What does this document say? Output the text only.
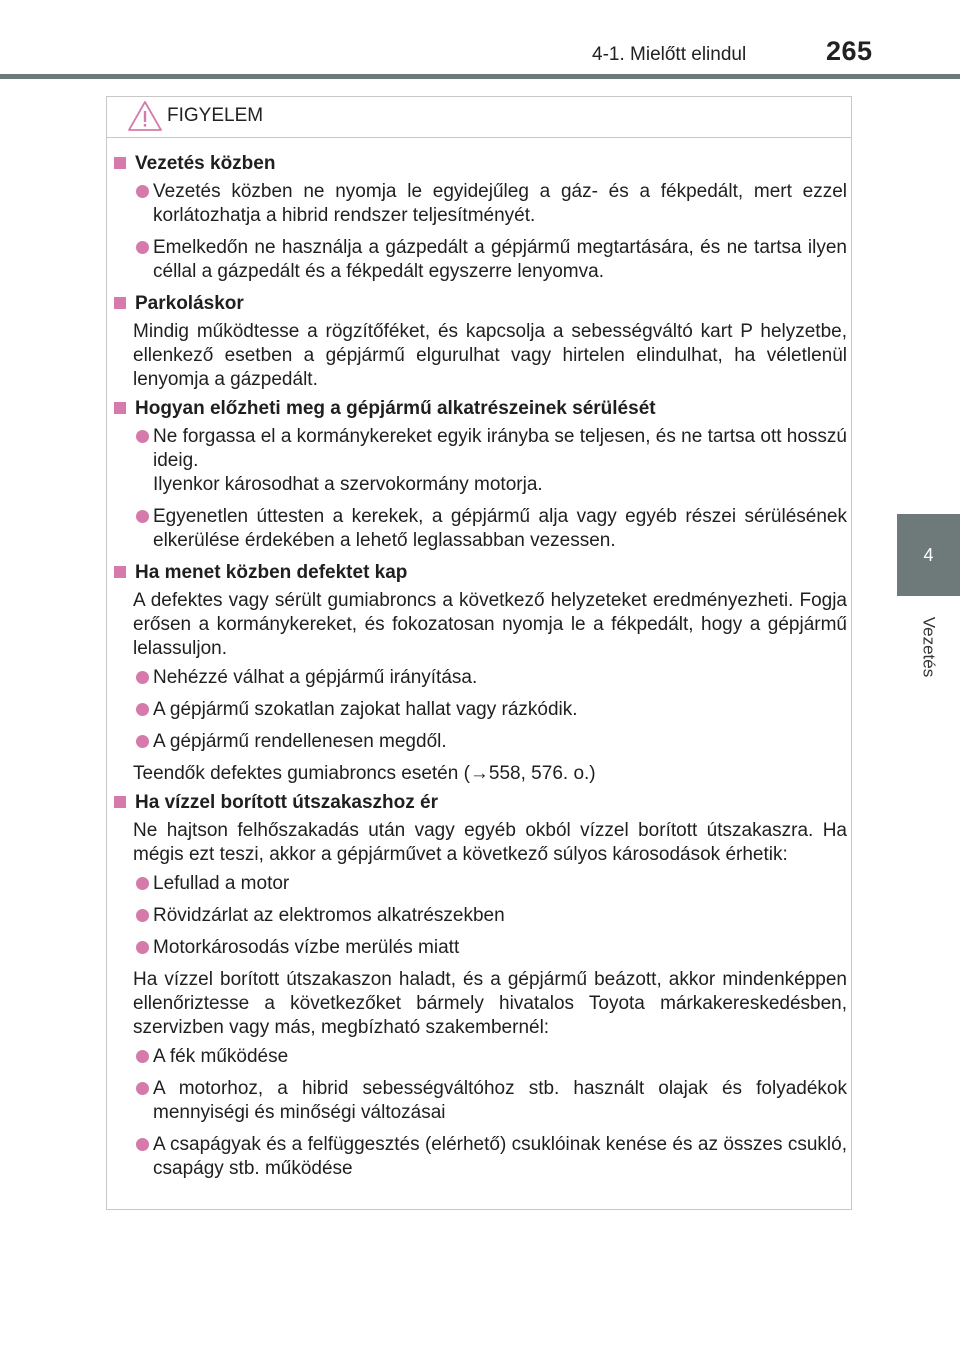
4-1. Mielőtt elindul	265
4
Vezetés
FIGYELEM
Vezetés közben
Vezetés közben ne nyomja le egyidejűleg a gáz- és a fékpedált, mert ezzel korlátozhatja a hibrid rendszer teljesítményét.
Emelkedőn ne használja a gázpedált a gépjármű megtartására, és ne tartsa ilyen céllal a gázpedált és a fékpedált egyszerre lenyomva.
Parkoláskor
Mindig működtesse a rögzítőféket, és kapcsolja a sebességváltó kart P helyzetbe, ellenkező esetben a gépjármű elgurulhat vagy hirtelen elindulhat, ha véletlenül lenyomja a gázpedált.
Hogyan előzheti meg a gépjármű alkatrészeinek sérülését
Ne forgassa el a kormánykereket egyik irányba se teljesen, és ne tartsa ott hosszú ideig.
Ilyenkor károsodhat a szervokormány motorja.
Egyenetlen úttesten a kerekek, a gépjármű alja vagy egyéb részei sérülésének elkerülése érdekében a lehető leglassabban vezessen.
Ha menet közben defektet kap
A defektes vagy sérült gumiabroncs a következő helyzeteket eredményezheti. Fogja erősen a kormánykereket, és fokozatosan nyomja le a fékpedált, hogy a gépjármű lelassuljon.
Nehézzé válhat a gépjármű irányítása.
A gépjármű szokatlan zajokat hallat vagy rázkódik.
A gépjármű rendellenesen megdől.
Teendők defektes gumiabroncs esetén (→558, 576. o.)
Ha vízzel borított útszakaszhoz ér
Ne hajtson felhőszakadás után vagy egyéb okból vízzel borított útszakaszra. Ha mégis ezt teszi, akkor a gépjárművet a következő súlyos károsodások érhetik:
Lefullad a motor
Rövidzárlat az elektromos alkatrészekben
Motorkárosodás vízbe merülés miatt
Ha vízzel borított útszakaszon haladt, és a gépjármű beázott, akkor mindenképpen ellenőriztesse a következőket bármely hivatalos Toyota márkakereskedésben, szervizben vagy más, megbízható szakembernél:
A fék működése
A motorhoz, a hibrid sebességváltóhoz stb. használt olajak és folyadékok mennyiségi és minőségi változásai
A csapágyak és a felfüggesztés (elérhető) csuklóinak kenése és az összes csukló, csapágy stb. működése
